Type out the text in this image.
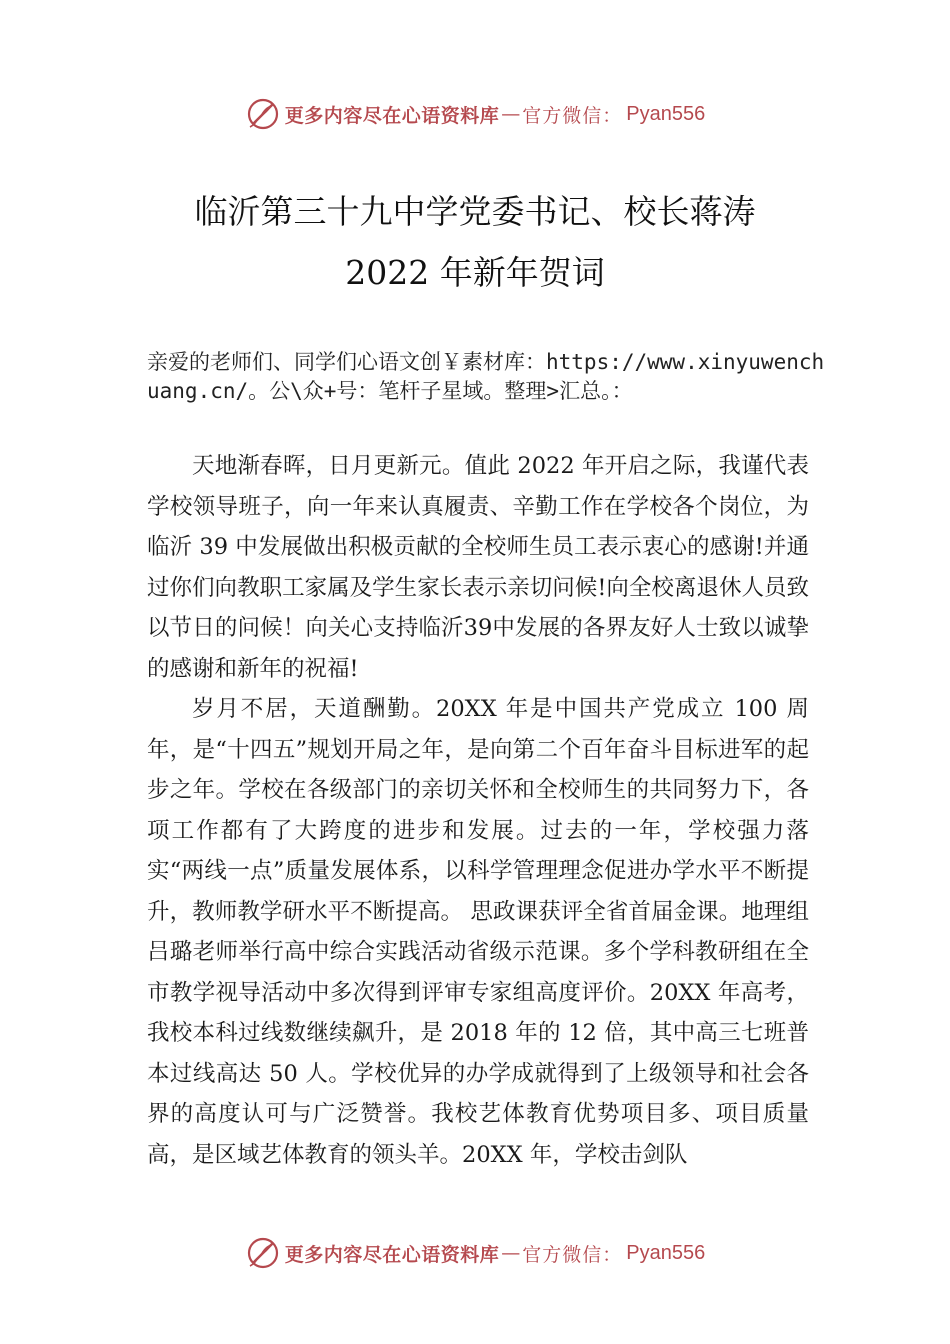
更多内容尽在心语资料库 — 官方微信： Pyan556
临沂第三十九中学党委书记、校长蒋涛
2022 年新年贺词
亲爱的老师们、同学们心语文创￥素材库：https://www.xinyuwenchuang.cn/。公\众+号：笔杆子星域。整理>汇总。：

天地渐春晖，日月更新元。值此 2022 年开启之际，我谨代表学校领导班子，向一年来认真履责、辛勤工作在学校各个岗位，为临沂 39 中发展做出积极贡献的全校师生员工表示衷心的感谢!并通过你们向教职工家属及学生家长表示亲切问候!向全校离退休人员致以节日的问候！向关心支持临沂39中发展的各界友好人士致以诚挚的感谢和新年的祝福!

岁月不居，天道酬勤。20XX 年是中国共产党成立 100 周年，是“十四五”规划开局之年，是向第二个百年奋斗目标进军的起步之年。学校在各级部门的亲切关怀和全校师生的共同努力下，各项工作都有了大跨度的进步和发展。过去的一年，学校强力落实“两线一点”质量发展体系，以科学管理理念促进办学水平不断提升，教师教学研水平不断提高。 思政课获评全省首届金课。地理组吕璐老师举行高中综合实践活动省级示范课。多个学科教研组在全市教学视导活动中多次得到评审专家组高度评价。20XX 年高考，我校本科过线数继续飙升，是 2018 年的 12 倍，其中高三七班普本过线高达 50 人。学校优异的办学成就得到了上级领导和社会各界的高度认可与广泛赞誉。我校艺体教育优势项目多、项目质量高，是区域艺体教育的领头羊。20XX 年，学校击剑队

更多内容尽在心语资料库 — 官方微信： Pyan556
